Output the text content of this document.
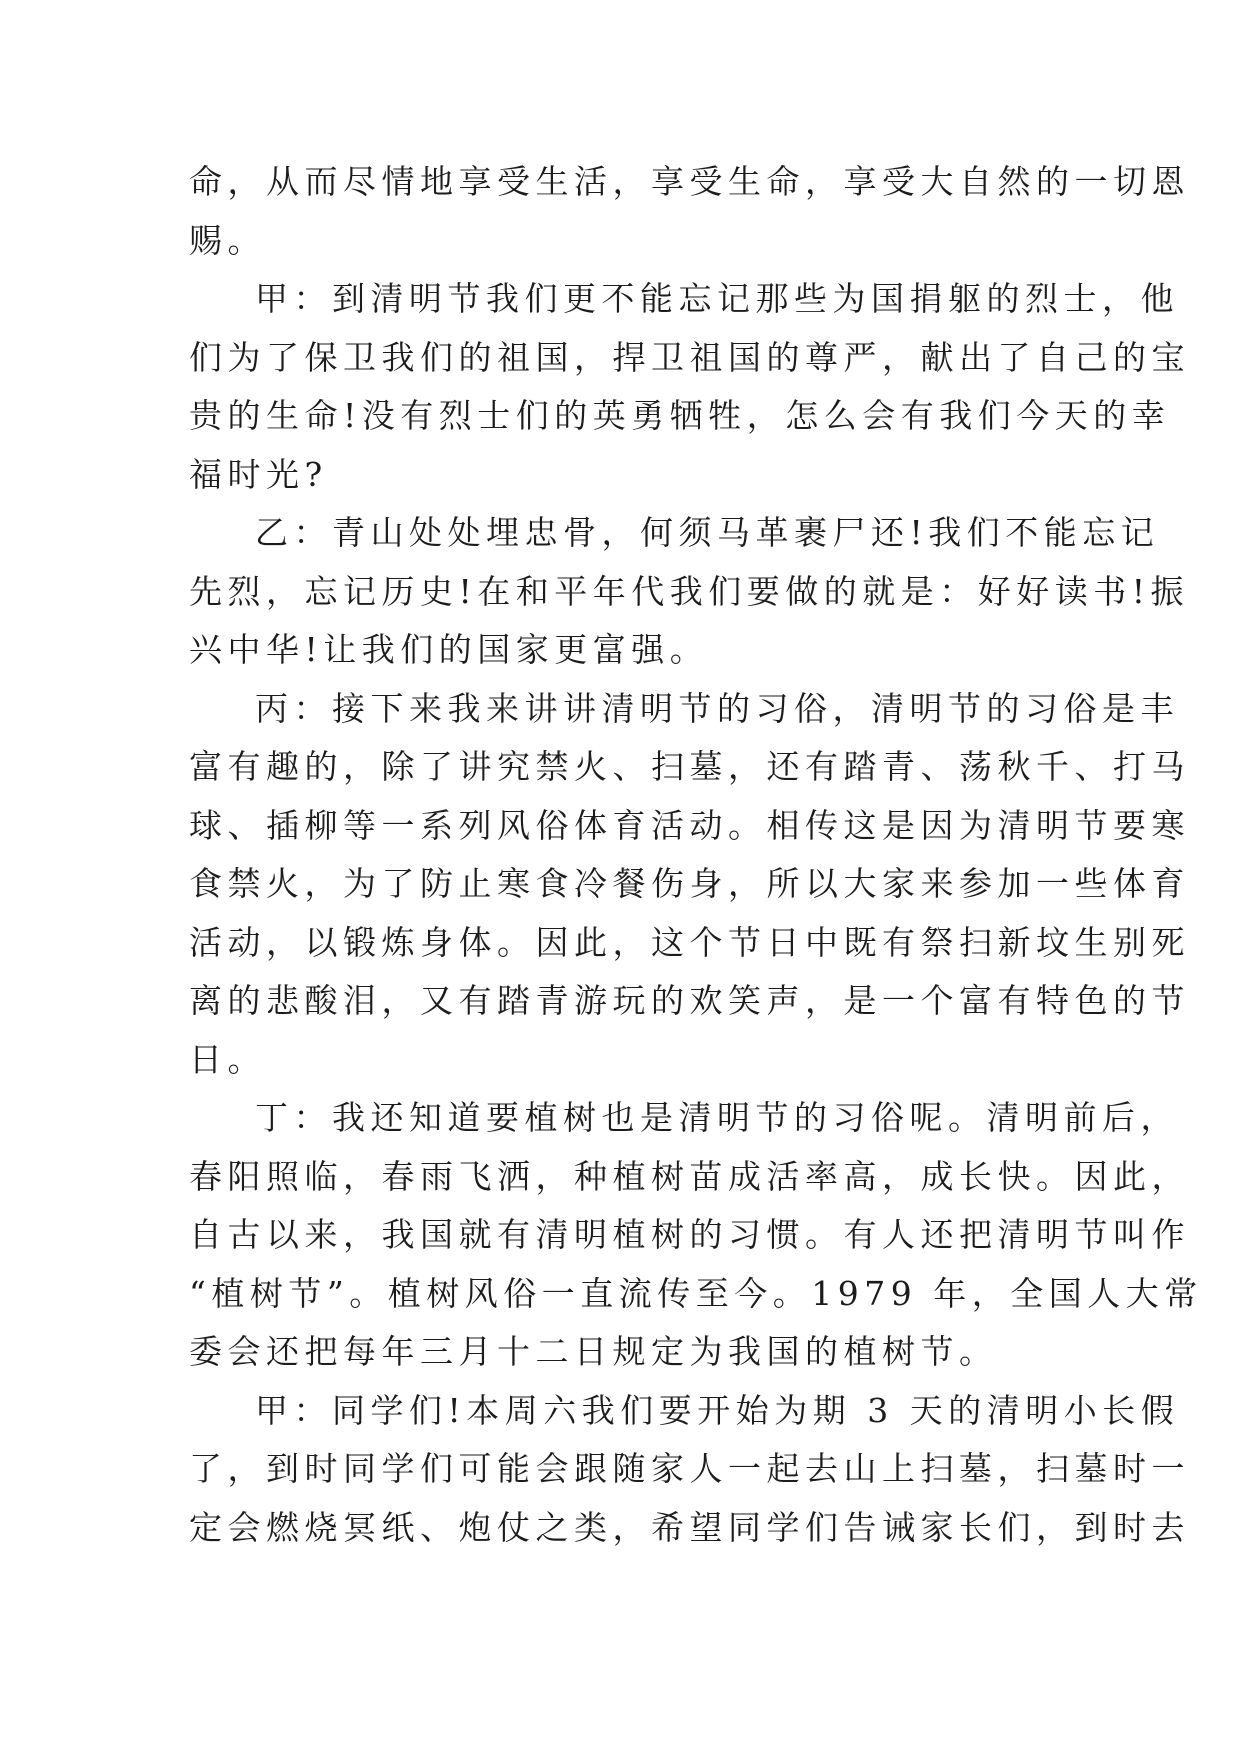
命，从而尽情地享受生活，享受生命，享受大自然的一切恩
赐。
甲：到清明节我们更不能忘记那些为国捐躯的烈士，他
们为了保卫我们的祖国，捍卫祖国的尊严，献出了自己的宝
贵的生命!没有烈士们的英勇牺牲，怎么会有我们今天的幸
福时光?
乙：青山处处埋忠骨，何须马革裹尸还!我们不能忘记
先烈，忘记历史!在和平年代我们要做的就是：好好读书!振
兴中华!让我们的国家更富强。
丙：接下来我来讲讲清明节的习俗，清明节的习俗是丰
富有趣的，除了讲究禁火、扫墓，还有踏青、荡秋千、打马
球、插柳等一系列风俗体育活动。相传这是因为清明节要寒
食禁火，为了防止寒食冷餐伤身，所以大家来参加一些体育
活动，以锻炼身体。因此，这个节日中既有祭扫新坟生别死
离的悲酸泪，又有踏青游玩的欢笑声，是一个富有特色的节
日。
丁：我还知道要植树也是清明节的习俗呢。清明前后，
春阳照临，春雨飞洒，种植树苗成活率高，成长快。因此，
自古以来，我国就有清明植树的习惯。有人还把清明节叫作
“植树节”。植树风俗一直流传至今。1979 年，全国人大常
委会还把每年三月十二日规定为我国的植树节。
甲：同学们!本周六我们要开始为期 3 天的清明小长假
了，到时同学们可能会跟随家人一起去山上扫墓，扫墓时一
定会燃烧冥纸、炮仗之类，希望同学们告诫家长们，到时去
